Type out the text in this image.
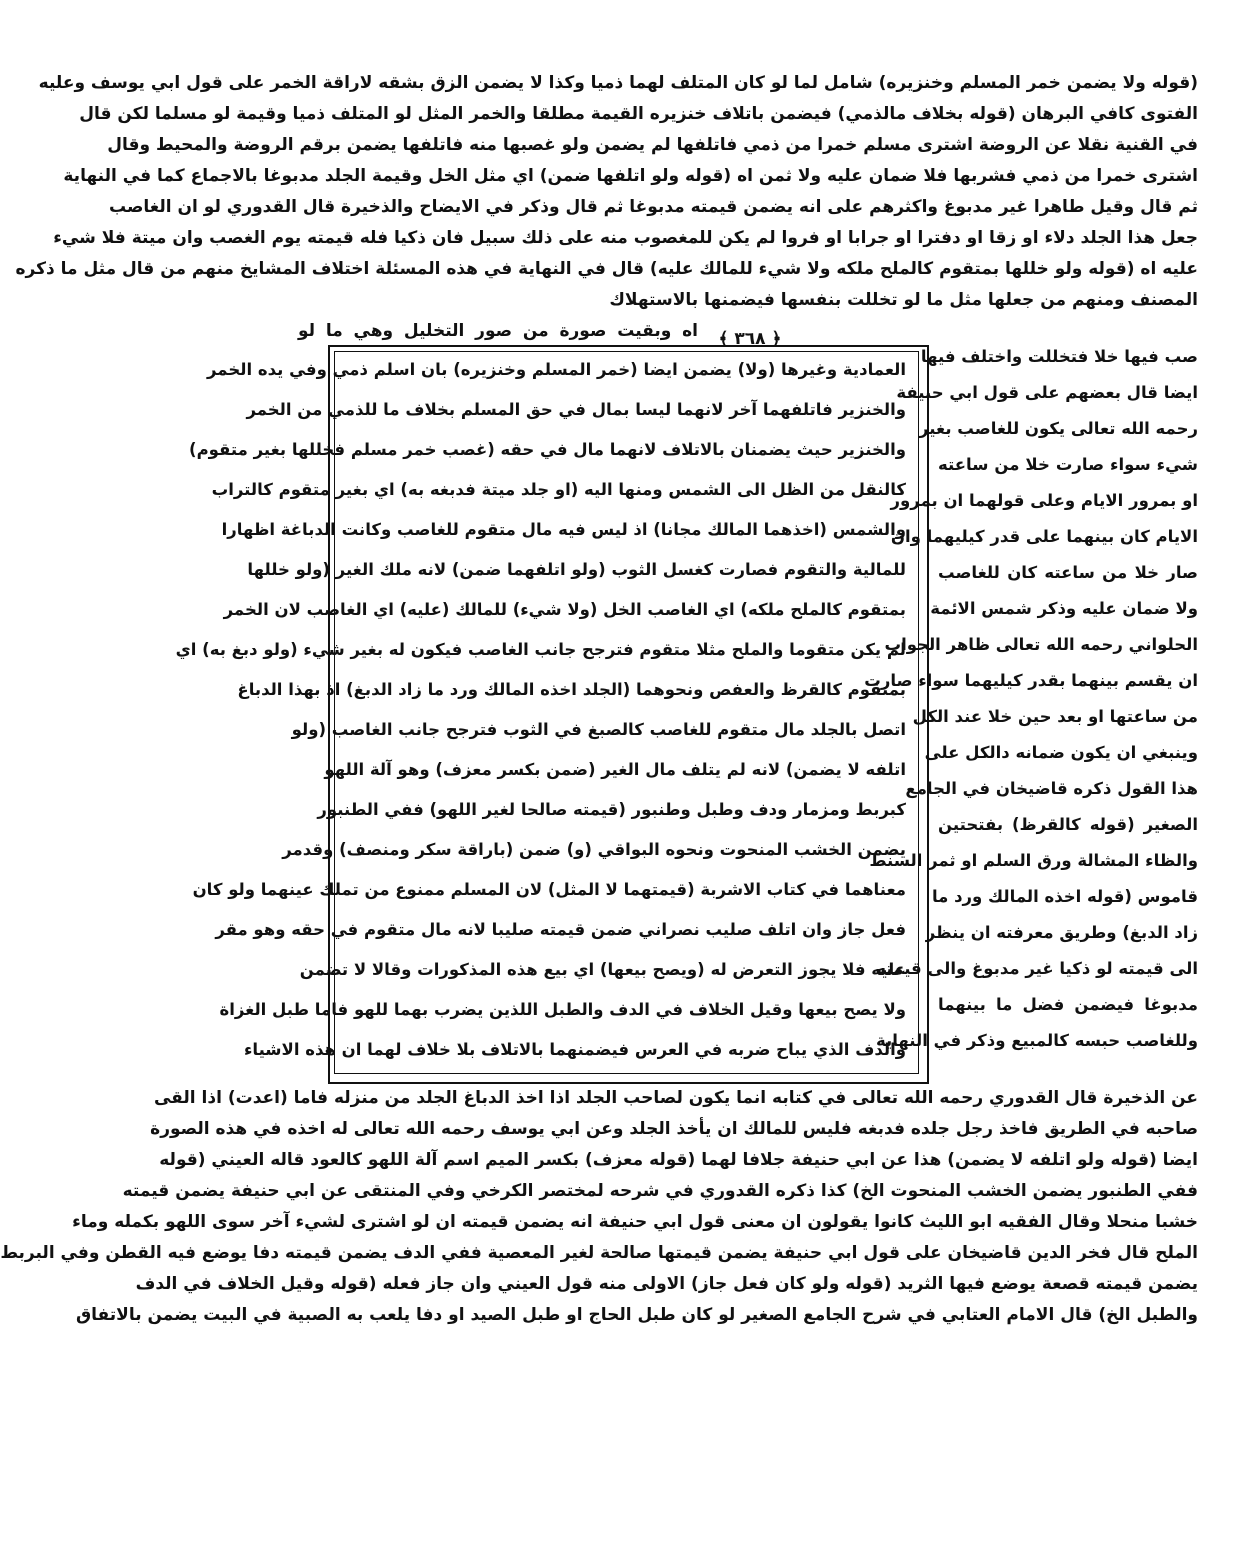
(قوله ولا يضمن خمر المسلم وخنزيره) شامل لما لو كان المتلف لهما ذميا وكذا لا يضمن الزق بشقه لاراقة الخمر على قول ابي يوسف وعليه
الفتوى كافي البرهان (قوله بخلاف مالذمي) فيضمن باتلاف خنزيره القيمة مطلقا والخمر المثل لو المتلف ذميا وقيمة لو مسلما لكن قال
في القنية نقلا عن الروضة اشترى مسلم خمرا من ذمي فاتلفها لم يضمن ولو غصبها منه فاتلفها يضمن برقم الروضة والمحيط وقال
اشترى خمرا من ذمي فشربها فلا ضمان عليه ولا ثمن اه (قوله ولو اتلفها ضمن) اي مثل الخل وقيمة الجلد مدبوغا بالاجماع كما في النهاية
ثم قال وقيل طاهرا غير مدبوغ واكثرهم على انه يضمن قيمته مدبوغا ثم قال وذكر في الايضاح والذخيرة قال القدوري لو ان الغاصب
جعل هذا الجلد دلاء او زقا او دفترا او جرابا او فروا لم يكن للمغصوب منه على ذلك سبيل فان ذكيا فله قيمته يوم الغصب وان ميتة فلا شيء
عليه اه (قوله ولو خللها بمتقوم كالملح ملكه ولا شيء للمالك عليه) قال في النهاية في هذه المسئلة اختلاف المشايخ منهم من قال مثل ما ذكره
المصنف ومنهم من جعلها مثل ما لو تخللت بنفسها فيضمنها بالاستهلاك
اه وبقيت صورة من صور التخليل وهي ما لو ﴿ ٣٦٨ ﴾
العمادية وغيرها (ولا) يضمن ايضا (خمر المسلم وخنزيره) بان اسلم ذمي وفي يده الخمر
والخنزير فاتلفهما آخر لانهما ليسا بمال في حق المسلم بخلاف ما للذمي من الخمر
والخنزير حيث يضمنان بالاتلاف لانهما مال في حقه (غصب خمر مسلم فخللها بغير متقوم)
كالنقل من الظل الى الشمس ومنها اليه (او جلد ميتة فدبغه به) اي بغير متقوم كالتراب
والشمس (اخذهما المالك مجانا) اذ ليس فيه مال متقوم للغاصب وكانت الدباغة اظهارا
للمالية والتقوم فصارت كغسل الثوب (ولو اتلفهما ضمن) لانه ملك الغير (ولو خللها
بمتقوم كالملح ملكه) اي الغاصب الخل (ولا شيء) للمالك (عليه) اي الغاصب لان الخمر
لم يكن متقوما والملح مثلا متقوم فترجح جانب الغاصب فيكون له بغير شيء (ولو دبغ به) اي
بمتقوم كالقرظ والعفص ونحوهما (الجلد اخذه المالك ورد ما زاد الدبغ) اذ بهذا الدباغ
اتصل بالجلد مال متقوم للغاصب كالصبغ في الثوب فترجح جانب الغاصب (ولو
اتلفه لا يضمن) لانه لم يتلف مال الغير (ضمن بكسر معزف) وهو آلة اللهو
كبربط ومزمار ودف وطبل وطنبور (قيمته صالحا لغير اللهو) ففي الطنبور
يضمن الخشب المنحوت ونحوه البواقي (و) ضمن (باراقة سكر ومنصف) وقدمر
معناهما في كتاب الاشربة (قيمتهما لا المثل) لان المسلم ممنوع من تملك عينهما ولو كان
فعل جاز وان اتلف صليب نصراني ضمن قيمته صليبا لانه مال متقوم في حقه وهو مقر
عليه فلا يجوز التعرض له (ويصح بيعها) اي بيع هذه المذكورات وقالا لا تضمن
ولا يصح بيعها وقيل الخلاف في الدف والطبل اللذين يضرب بهما للهو فاما طبل الغزاة
والدف الذي يباح ضربه في العرس فيضمنهما بالاتلاف بلا خلاف لهما ان هذه الاشياء
صب فيها خلا فتخللت واختلف فيها
ايضا قال بعضهم على قول ابي حنيفة
رحمه الله تعالى يكون للغاصب بغير
شيء سواء صارت خلا من ساعته
او بمرور الايام وعلى قولهما ان بمرور
الايام كان بينهما على قدر كيليهما وان
صار خلا من ساعته كان للغاصب
ولا ضمان عليه وذكر شمس الائمة
الحلواني رحمه الله تعالى ظاهر الجواب
ان يقسم بينهما بقدر كيليهما سواء صارت
من ساعتها او بعد حين خلا عند الكل
وينبغي ان يكون ضمانه دالكل على
هذا القول ذكره قاضيخان في الجامع
الصغير (قوله كالقرظ) بفتحتين
والظاء المشالة ورق السلم او ثمر السنط
قاموس (قوله اخذه المالك ورد ما
زاد الدبغ) وطريق معرفته ان ينظر
الى قيمته لو ذكيا غير مدبوغ والى قيمته
مدبوغا فيضمن فضل ما بينهما
وللغاصب حبسه كالمبيع وذكر في النهاية
عن الذخيرة قال القدوري رحمه الله تعالى في كتابه انما يكون لصاحب الجلد اذا اخذ الدباغ الجلد من منزله فاما (اعدت) اذا القى
صاحبه في الطريق فاخذ رجل جلده فدبغه فليس للمالك ان يأخذ الجلد وعن ابي يوسف رحمه الله تعالى له اخذه في هذه الصورة
ايضا (قوله ولو اتلفه لا يضمن) هذا عن ابي حنيفة جلافا لهما (قوله معزف) بكسر الميم اسم آلة اللهو كالعود قاله العيني (قوله
ففي الطنبور يضمن الخشب المنحوت الخ) كذا ذكره القدوري في شرحه لمختصر الكرخي وفي المنتقى عن ابي حنيفة يضمن قيمته
خشبا منحلا وقال الفقيه ابو الليث كانوا يقولون ان معنى قول ابي حنيفة انه يضمن قيمته ان لو اشترى لشيء آخر سوى اللهو بكمله وماء
الملح قال فخر الدين قاضيخان على قول ابي حنيفة يضمن قيمتها صالحة لغير المعصية ففي الدف يضمن قيمته دفا يوضع فيه القطن وفي البربط
يضمن قيمته قصعة يوضع فيها الثريد (قوله ولو كان فعل جاز) الاولى منه قول العيني وان جاز فعله (قوله وقيل الخلاف في الدف
والطبل الخ) قال الامام العتابي في شرح الجامع الصغير لو كان طبل الحاج او طبل الصيد او دفا يلعب به الصبية في البيت يضمن بالاتفاق
